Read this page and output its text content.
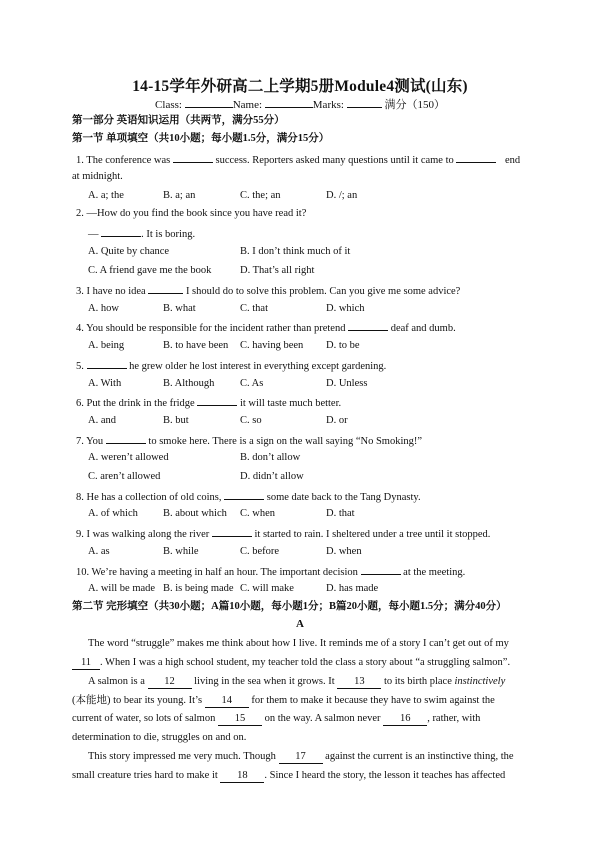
14-15学年外研高二上学期5册Module4测试(山东)
Class:	Name:	Marks:	满分（150）
第一部分 英语知识运用（共两节，满分55分）
第一节 单项填空（共10小题；每小题1.5分，满分15分）
1. The conference was	success. Reporters asked many questions until it came to	end
at midnight.
A. a; the	B. a; an	C. the; an	D. /; an
2. —How do you find the book since you have read it?
—	. It is boring.
A. Quite by chance	B. I don’t think much of it
C. A friend gave me the book	D. That’s all right
3. I have no idea	I should do to solve this problem. Can you give me some advice?
A. how	B. what	C. that	D. which
4. You should be responsible for the incident rather than pretend	deaf and dumb.
A. being	B. to have been C. having been D. to be
5.	he grew older he lost interest in everything except gardening.
A. With	B. Although C. As	D. Unless
6. Put the drink in the fridge	it will taste much better.
A. and	B. but	C. so	D. or
7. You	to smoke here. There is a sign on the wall saying “No Smoking!”
A. weren’t allowed	B. don’t allow
C. aren’t allowed	D. didn’t allow
8. He has a collection of old coins,	some date back to the Tang Dynasty.
A. of which B. about which C. when	D. that
9. I was walking along the river	it started to rain. I sheltered under a tree until it stopped.
A. as	B. while	C. before	D. when
10. We’re having a meeting in half an hour. The important decision	at the meeting.
A. will be made B. is being made C. will make	D. has made
第二节 完形填空（共30小题；A篇10小题，每小题1分；B篇20小题，每小题1.5分；满分40分）
A
The word “struggle” makes me think about how I live. It reminds me of a story I can’t get out of my
11 . When I was a high school student, my teacher told the class a story about “a struggling salmon”.
A salmon is a 12 living in the sea when it grows. It 13 to its birth place instinctively
(本能地) to bear its young. It’s 14 for them to make it because they have to swim against the
current of water, so lots of salmon 15 on the way. A salmon never 16 , rather, with
determination to die, struggles on and on.
This story impressed me very much. Though 17 against the current is an instinctive thing, the
small creature tries hard to make it 18 . Since I heard the story, the lesson it teaches has affected
